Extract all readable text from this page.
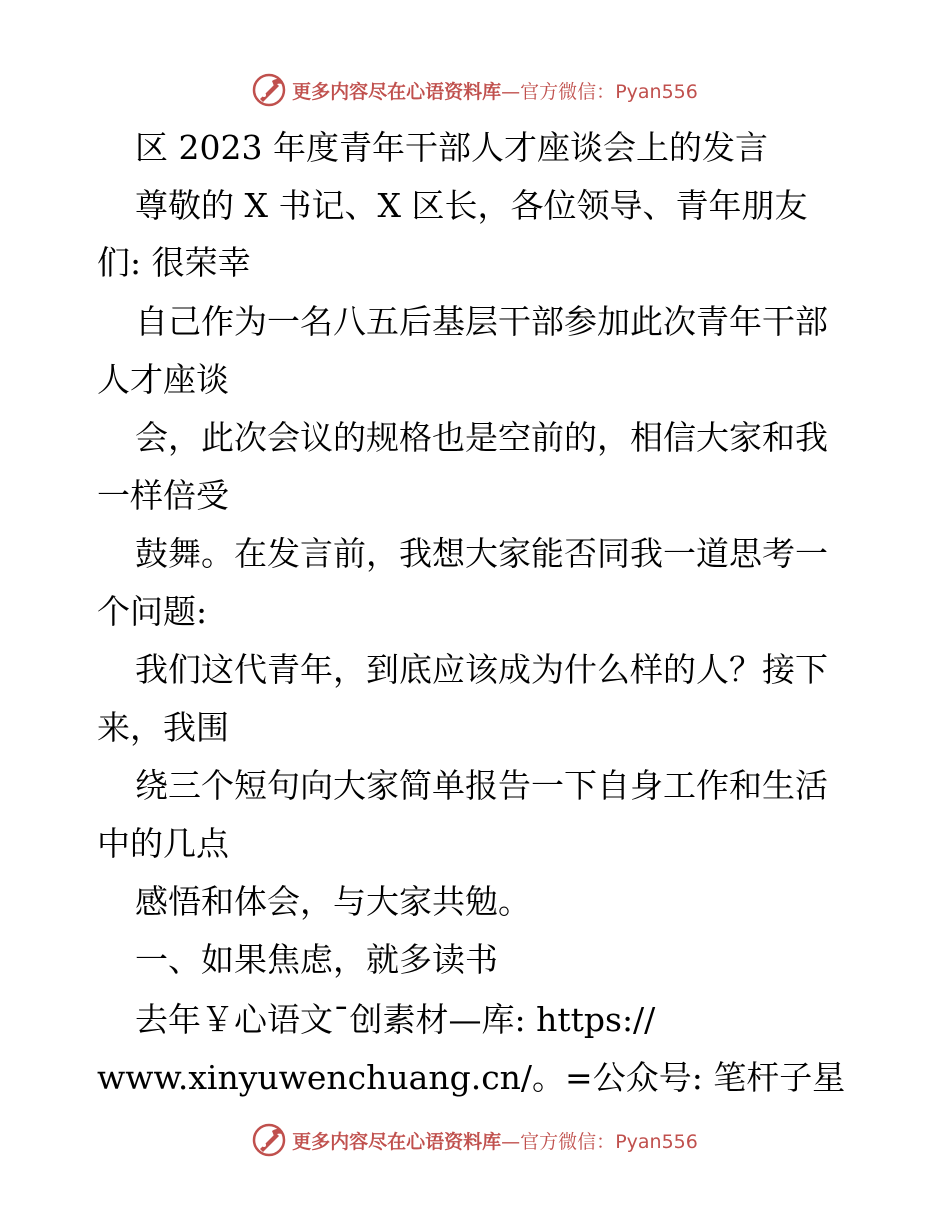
更多内容尽在心语资料库—官方微信：Pyan556
区 2023 年度青年干部人才座谈会上的发言
尊敬的 X 书记、X 区长，各位领导、青年朋友
们: 很荣幸
自己作为一名八五后基层干部参加此次青年干部
人才座谈
会，此次会议的规格也是空前的，相信大家和我
一样倍受
鼓舞。在发言前，我想大家能否同我一道思考一
个问题:
我们这代青年，到底应该成为什么样的人？接下
来，我围
绕三个短句向大家简单报告一下自身工作和生活
中的几点
感悟和体会，与大家共勉。
一、如果焦虑，就多读书
去年￥心语文¯创素材—库: https://
www.xinyuwenchuang.cn/。=公众号: 笔杆子星
更多内容尽在心语资料库—官方微信：Pyan556
